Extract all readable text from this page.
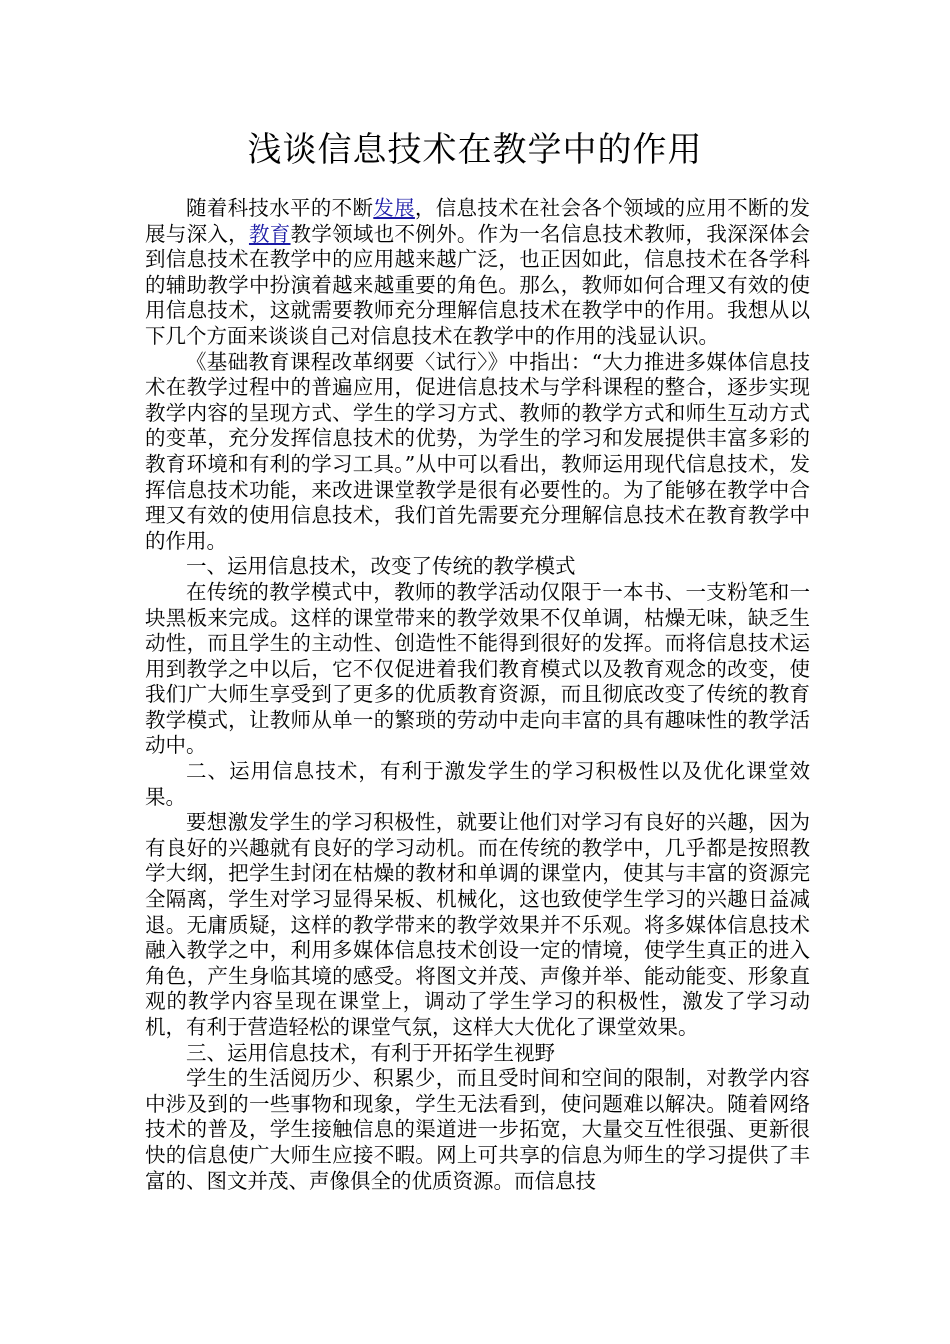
浅谈信息技术在教学中的作用

随着科技水平的不断发展，信息技术在社会各个领域的应用不断的发展与深入，教育教学领域也不例外。作为一名信息技术教师，我深深体会到信息技术在教学中的应用越来越广泛，也正因如此，信息技术在各学科的辅助教学中扮演着越来越重要的角色。那么，教师如何合理又有效的使用信息技术，这就需要教师充分理解信息技术在教学中的作用。我想从以下几个方面来谈谈自己对信息技术在教学中的作用的浅显认识。

《基础教育课程改革纲要〈试行〉》中指出：“大力推进多媒体信息技术在教学过程中的普遍应用，促进信息技术与学科课程的整合，逐步实现教学内容的呈现方式、学生的学习方式、教师的教学方式和师生互动方式的变革，充分发挥信息技术的优势，为学生的学习和发展提供丰富多彩的教育环境和有利的学习工具。”从中可以看出，教师运用现代信息技术，发挥信息技术功能，来改进课堂教学是很有必要性的。为了能够在教学中合理又有效的使用信息技术，我们首先需要充分理解信息技术在教育教学中的作用。

一、运用信息技术，改变了传统的教学模式

在传统的教学模式中，教师的教学活动仅限于一本书、一支粉笔和一块黑板来完成。这样的课堂带来的教学效果不仅单调，枯燥无味，缺乏生动性，而且学生的主动性、创造性不能得到很好的发挥。而将信息技术运用到教学之中以后，它不仅促进着我们教育模式以及教育观念的改变，使我们广大师生享受到了更多的优质教育资源，而且彻底改变了传统的教育教学模式，让教师从单一的繁琐的劳动中走向丰富的具有趣味性的教学活动中。

二、运用信息技术，有利于激发学生的学习积极性以及优化课堂效果。

要想激发学生的学习积极性，就要让他们对学习有良好的兴趣，因为有良好的兴趣就有良好的学习动机。而在传统的教学中，几乎都是按照教学大纲，把学生封闭在枯燥的教材和单调的课堂内，使其与丰富的资源完全隔离，学生对学习显得呆板、机械化，这也致使学生学习的兴趣日益减退。无庸质疑，这样的教学带来的教学效果并不乐观。将多媒体信息技术融入教学之中，利用多媒体信息技术创设一定的情境，使学生真正的进入角色，产生身临其境的感受。将图文并茂、声像并举、能动能变、形象直观的教学内容呈现在课堂上，调动了学生学习的积极性，激发了学习动机，有利于营造轻松的课堂气氛，这样大大优化了课堂效果。

三、运用信息技术，有利于开拓学生视野

学生的生活阅历少、积累少，而且受时间和空间的限制，对教学内容中涉及到的一些事物和现象，学生无法看到，使问题难以解决。随着网络技术的普及，学生接触信息的渠道进一步拓宽，大量交互性很强、更新很快的信息使广大师生应接不暇。网上可共享的信息为师生的学习提供了丰富的、图文并茂、声像俱全的优质资源。而信息技
